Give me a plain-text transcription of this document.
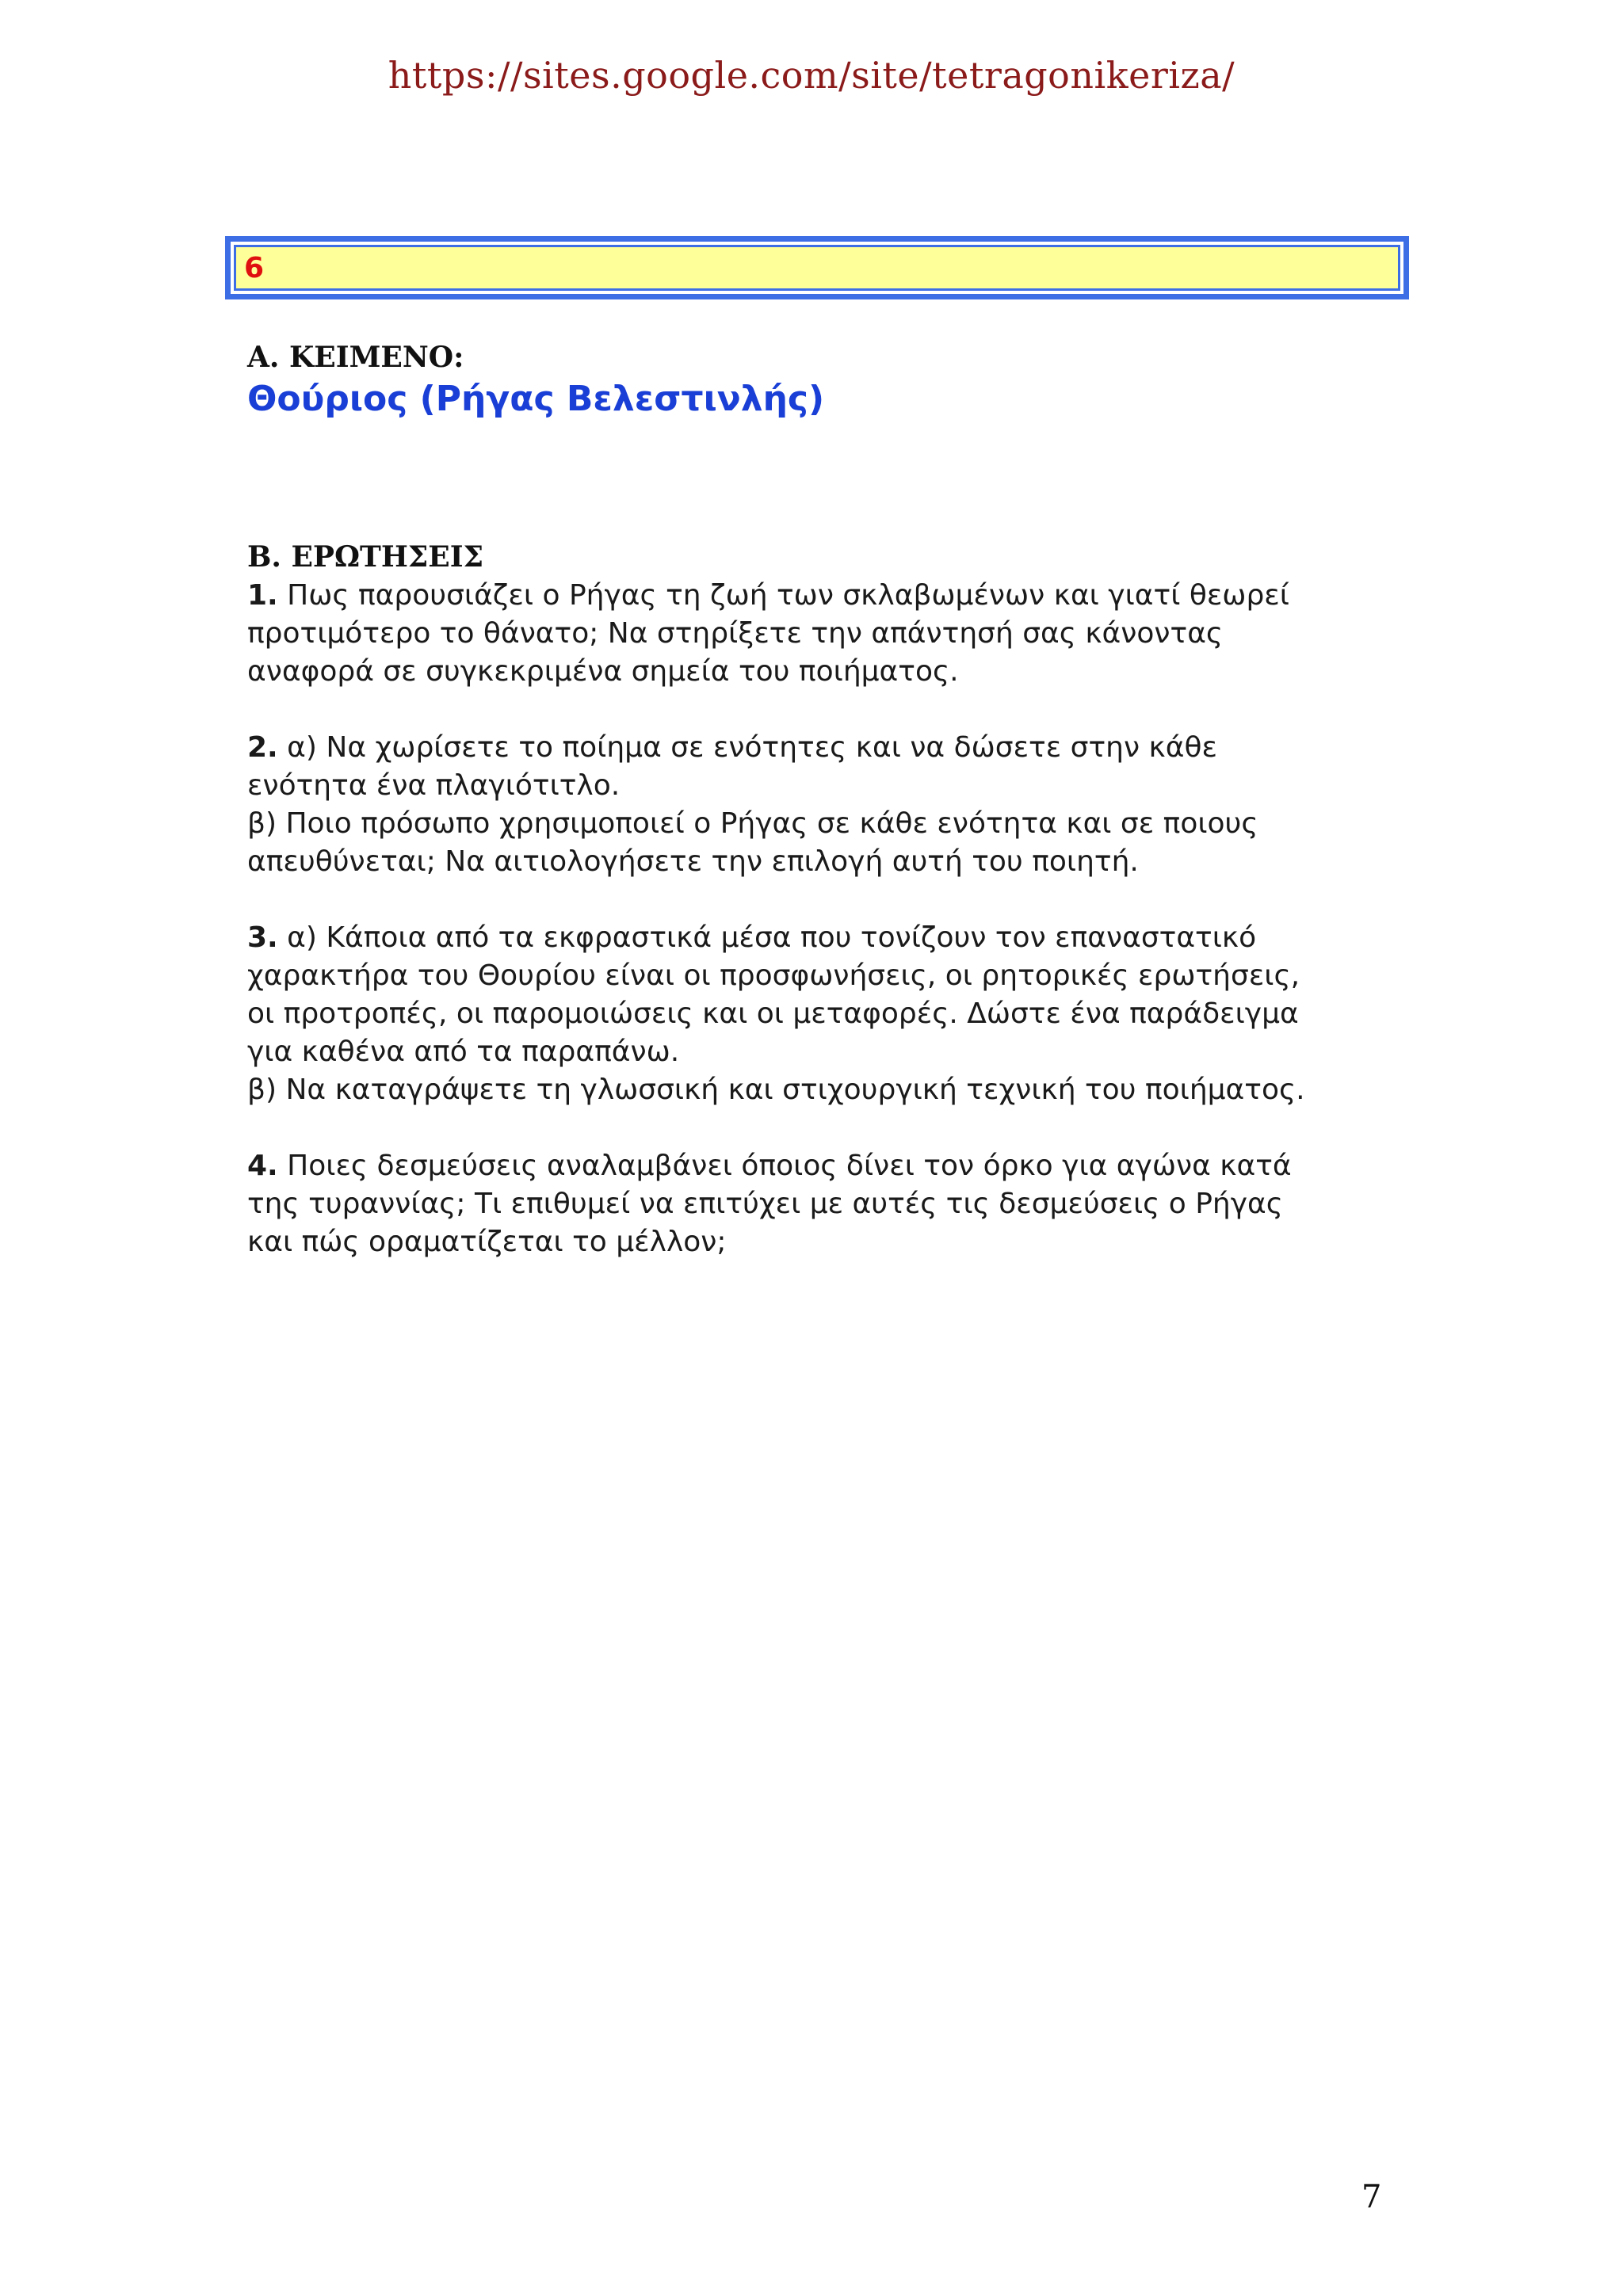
https://sites.google.com/site/tetragonikeriza/
6
Α. ΚΕΙΜΕΝΟ:
Θούριος (Ρήγας Βελεστινλής)
Β. ΕΡΩΤΗΣΕΙΣ
1. Πως παρουσιάζει ο Ρήγας τη ζωή των σκλαβωμένων και γιατί θεωρεί
προτιμότερο το θάνατο; Να στηρίξετε την απάντησή σας κάνοντας
αναφορά σε συγκεκριμένα σημεία του ποιήματος.
2. α) Να χωρίσετε το ποίημα σε ενότητες και να δώσετε στην κάθε
ενότητα ένα πλαγιότιτλο.
β) Ποιο πρόσωπο χρησιμοποιεί ο Ρήγας σε κάθε ενότητα και σε ποιους
απευθύνεται; Να αιτιολογήσετε την επιλογή αυτή του ποιητή.
3. α) Κάποια από τα εκφραστικά μέσα που τονίζουν τον επαναστατικό
χαρακτήρα του Θουρίου είναι οι προσφωνήσεις, οι ρητορικές ερωτήσεις,
οι προτροπές, οι παρομοιώσεις και οι μεταφορές. Δώστε ένα παράδειγμα
για καθένα από τα παραπάνω.
β) Να καταγράψετε τη γλωσσική και στιχουργική τεχνική του ποιήματος.
4. Ποιες δεσμεύσεις αναλαμβάνει όποιος δίνει τον όρκο για αγώνα κατά
της τυραννίας; Τι επιθυμεί να επιτύχει με αυτές τις δεσμεύσεις ο Ρήγας
και πώς οραματίζεται το μέλλον;
7
